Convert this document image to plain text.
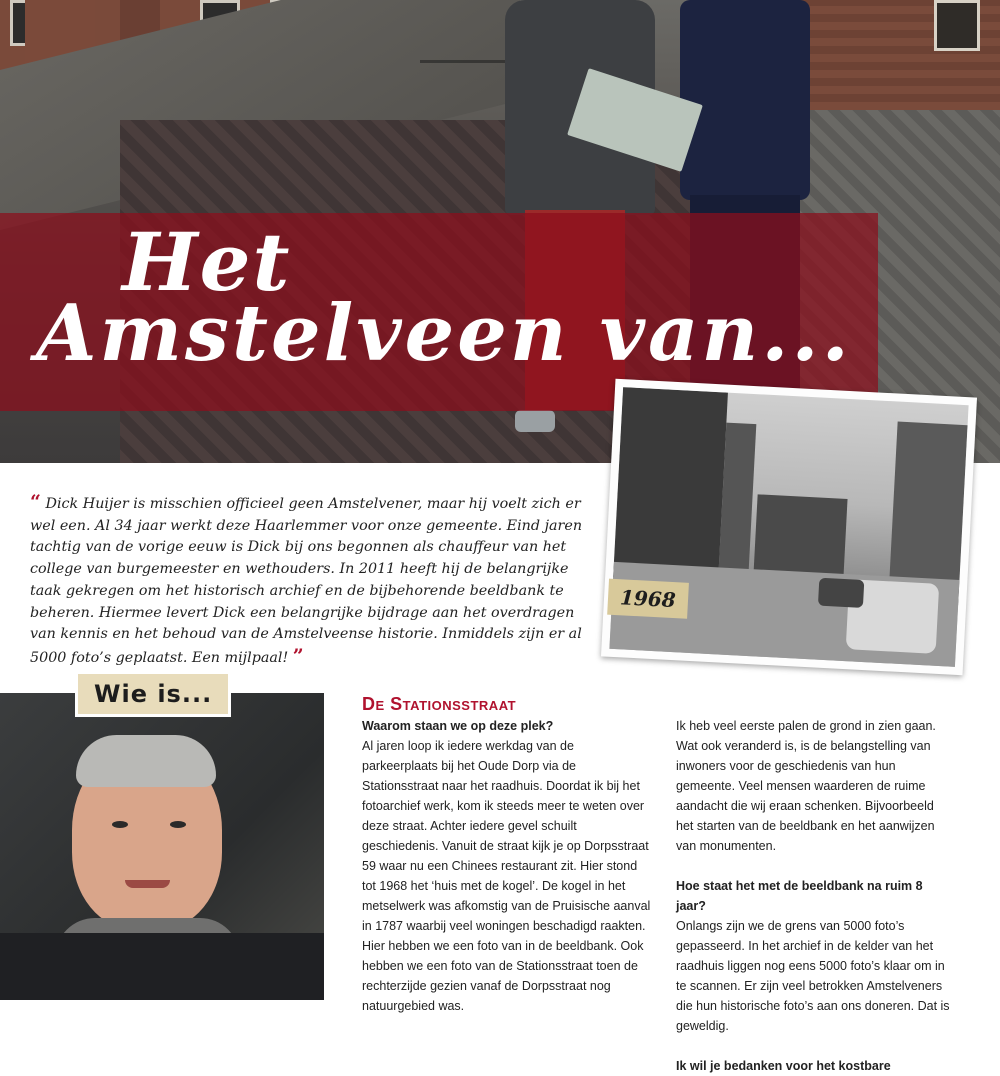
Het
Amstelveen van...
1968
“ Dick Huijer is misschien officieel geen Amstelvener, maar hij voelt zich er wel een. Al 34 jaar werkt deze Haarlemmer voor onze gemeente. Eind jaren tachtig van de vorige eeuw is Dick bij ons begonnen als chauffeur van het college van burgemeester en wethouders. In 2011 heeft hij de belangrijke taak gekregen om het historisch archief en de bijbehorende beeldbank te beheren. Hiermee levert Dick een belangrijke bijdrage aan het overdragen van kennis en het behoud van de Amstelveense historie. Inmiddels zijn er al 5000 foto’s geplaatst. Een mijlpaal! ”
Wie is...	De Stationsstraat

Waarom staan we op deze plek?

Al jaren loop ik iedere werkdag van de parkeerplaats bij het Oude Dorp via de Stationsstraat naar het raadhuis. Doordat ik bij het fotoarchief werk, kom ik steeds meer te weten over deze straat. Achter iedere gevel schuilt geschiedenis. Vanuit de straat kijk je op Dorpsstraat 59 waar nu een Chinees restaurant zit. Hier stond tot 1968 het ‘huis met de kogel’. De kogel in het metselwerk was afkomstig van de Pruisische aanval in 1787 waarbij veel woningen beschadigd raakten. Hier hebben we een foto van in de beeldbank. Ook hebben we een foto van de Stationsstraat toen de rechterzijde gezien vanaf de Dorpsstraat nog natuurgebied was.

Ik heb veel eerste palen de grond in zien gaan. Wat ook veranderd is, is de belangstelling van inwoners voor de geschiedenis van hun gemeente. Veel mensen waarderen de ruime aandacht die wij eraan schenken. Bijvoorbeeld het starten van de beeldbank en het aanwijzen van monumenten.

Hoe staat het met de beeldbank na ruim 8 jaar?

Onlangs zijn we de grens van 5000 foto’s gepasseerd. In het archief in de kelder van het raadhuis liggen nog eens 5000 foto’s klaar om in te scannen. Er zijn veel betrokken Amstelveners die hun historische foto’s aan ons doneren. Dat is geweldig.

Ik wil je bedanken voor het kostbare
